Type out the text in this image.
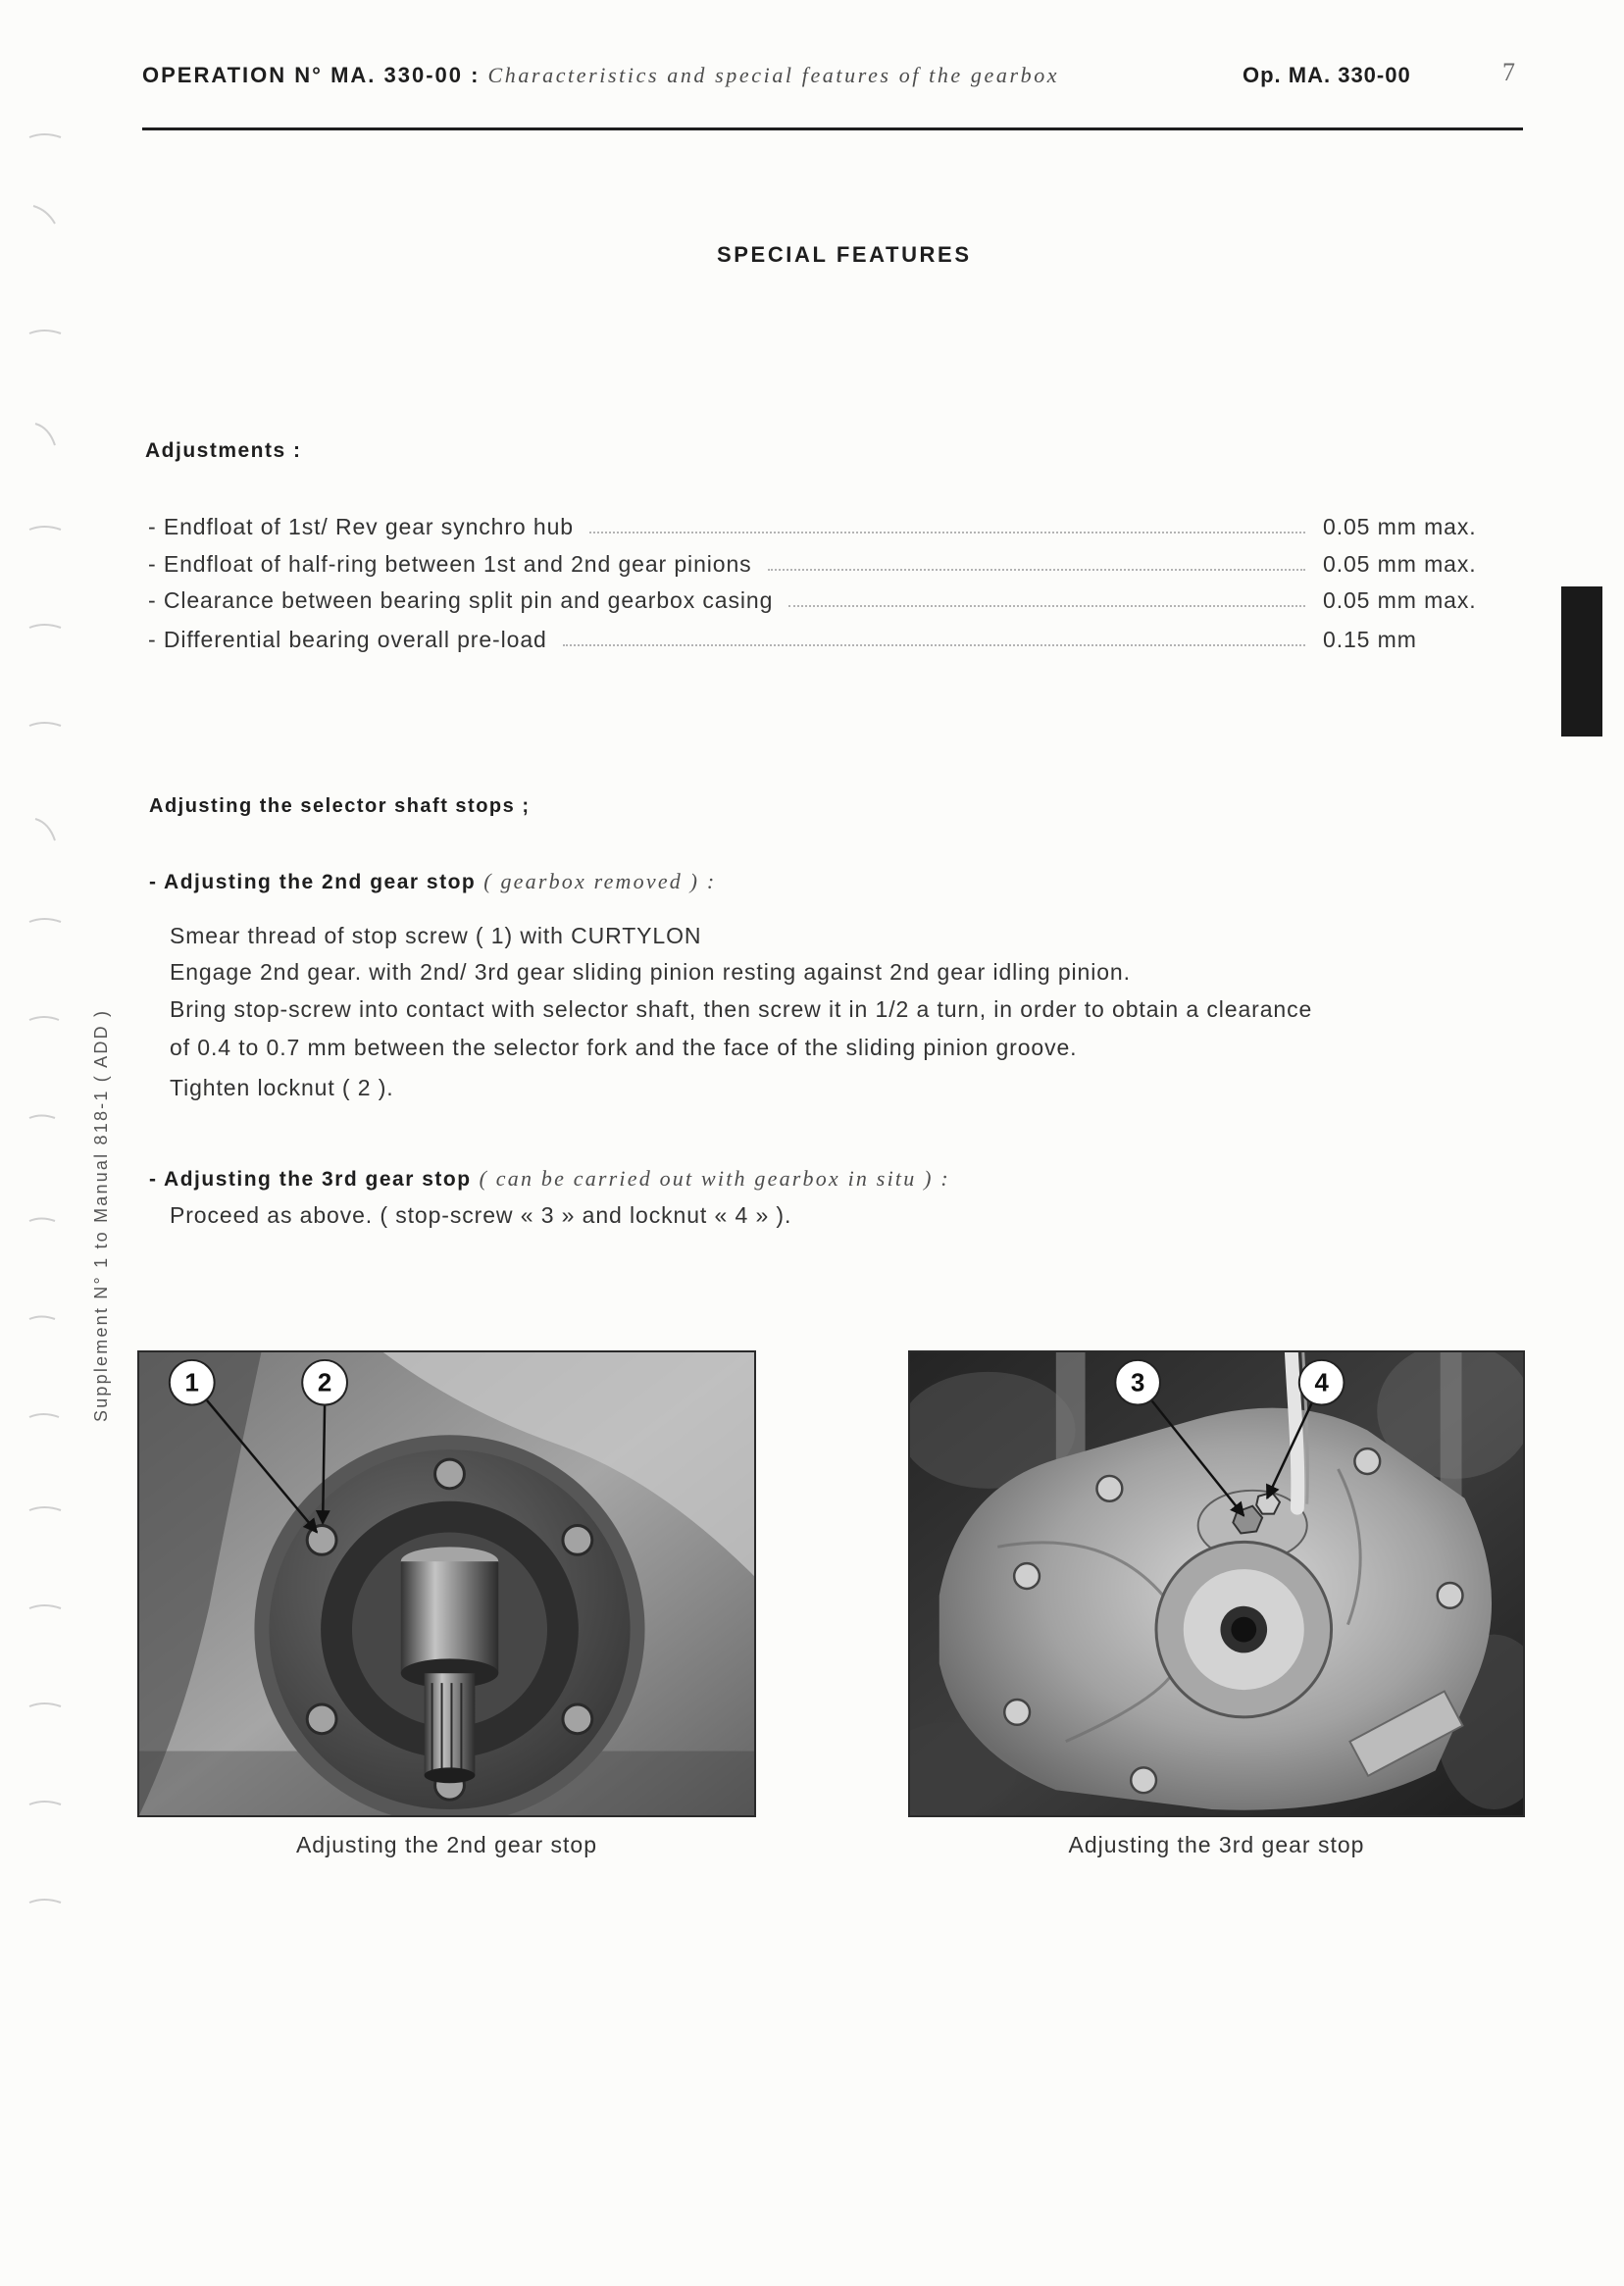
OPERATION N° MA. 330-00 : Characteristics and special features of the gearbox	Op. MA. 330-00	7
SPECIAL FEATURES
Supplement N° 1 to Manual 818-1 ( ADD )
Adjustments :
- Endfloat of 1st/ Rev gear synchro hub	0.05 mm max.
- Endfloat of half-ring between 1st and 2nd gear pinions	0.05 mm max.
- Clearance between bearing split pin and gearbox casing	0.05 mm max.
- Differential bearing overall pre-load	0.15 mm
Adjusting the selector shaft stops ;
- Adjusting the 2nd gear stop ( gearbox removed ) :
Smear thread of stop screw ( 1) with CURTYLON
Engage 2nd gear. with 2nd/ 3rd gear sliding pinion resting against 2nd gear idling pinion.
Bring stop-screw into contact with selector shaft, then screw it in 1/2 a turn, in order to obtain a clearance
of 0.4 to 0.7 mm between the selector fork and the face of the sliding pinion groove.
Tighten locknut ( 2 ).
- Adjusting the 3rd gear stop ( can be carried out with gearbox in situ ) :
Proceed as above. ( stop-screw « 3 » and locknut « 4 » ).
1	2
Adjusting the 2nd gear stop
3	4
Adjusting the 3rd gear stop
